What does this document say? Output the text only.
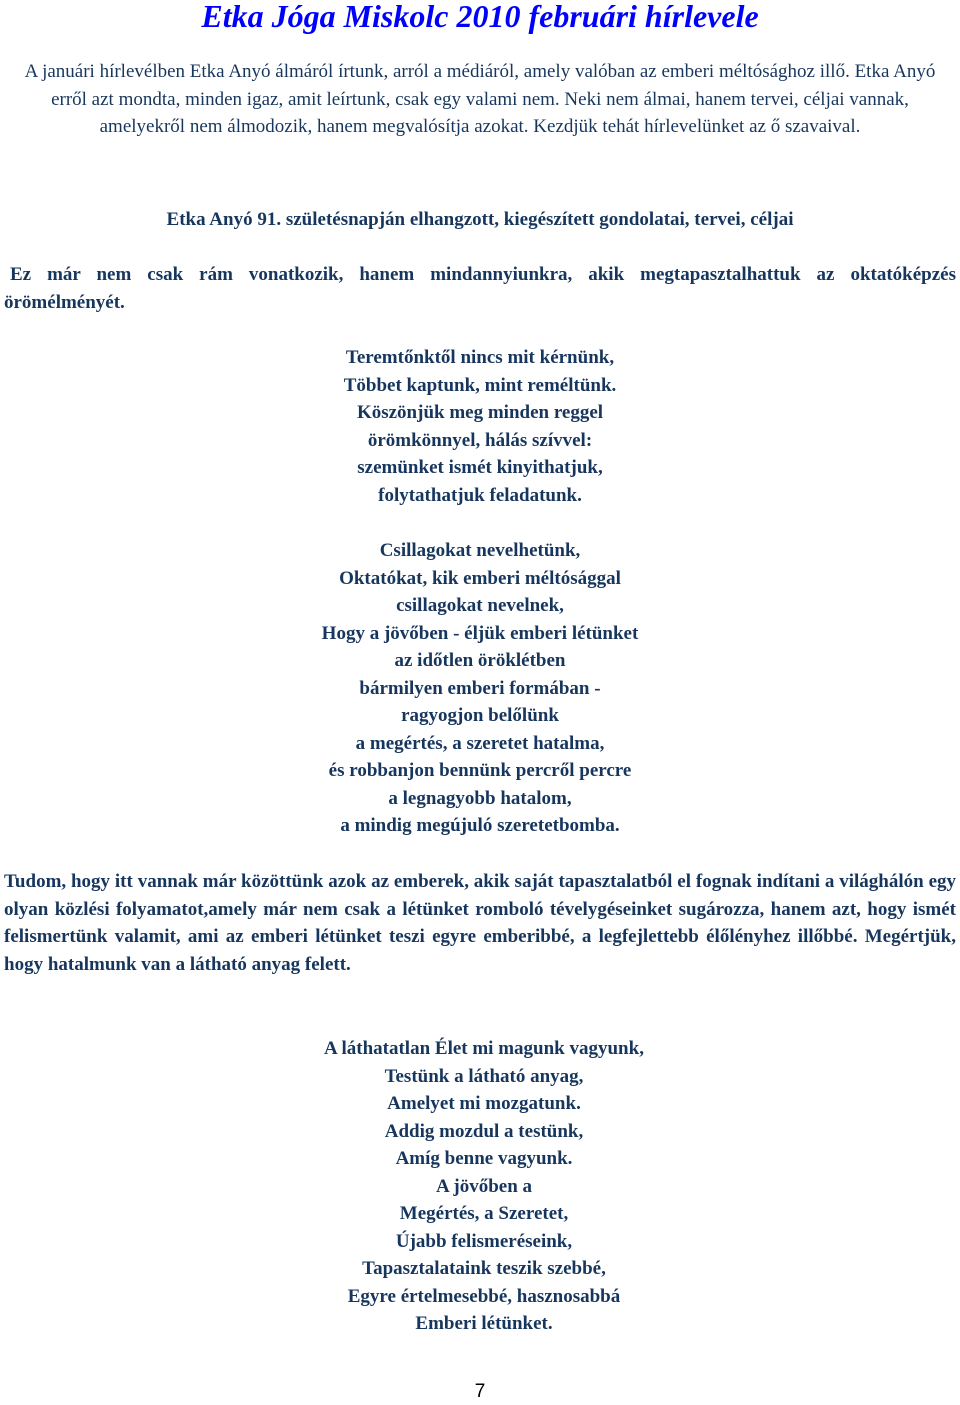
Etka Jóga Miskolc 2010 februári hírlevele

A januári hírlevélben Etka Anyó álmáról írtunk, arról a médiáról, amely valóban az emberi méltósághoz illő. Etka Anyó erről azt mondta, minden igaz, amit leírtunk, csak egy valami nem. Neki nem álmai, hanem tervei, céljai vannak, amelyekről nem álmodozik, hanem megvalósítja azokat. Kezdjük tehát hírlevelünket az ő szavaival.

Etka Anyó 91. születésnapján elhangzott, kiegészített gondolatai, tervei, céljai

Ez már nem csak rám vonatkozik, hanem mindannyiunkra, akik megtapasztalhattuk az oktatóképzés örömélményét.

Teremtőnktől nincs mit kérnünk,
Többet kaptunk, mint reméltünk.
Köszönjük meg minden reggel
örömkönnyel, hálás szívvel:
szemünket ismét kinyithatjuk,
folytathatjuk feladatunk.
Csillagokat nevelhetünk,
Oktatókat, kik emberi méltósággal
csillagokat nevelnek,
Hogy a jövőben - éljük emberi létünket
az időtlen öröklétben
bármilyen emberi formában -
ragyogjon belőlünk
a megértés, a szeretet hatalma,
és robbanjon bennünk percről percre
a legnagyobb hatalom,
a mindig megújuló szeretetbomba.

Tudom, hogy itt vannak már közöttünk azok az emberek, akik saját tapasztalatból el fognak indítani a világhálón egy olyan közlési folyamatot,amely már nem csak a létünket romboló tévelygéseinket sugározza, hanem azt, hogy ismét felismertünk valamit, ami az emberi létünket teszi egyre emberibbé, a legfejlettebb élőlényhez illőbbé. Megértjük, hogy hatalmunk van a látható anyag felett.

A láthatatlan Élet mi magunk vagyunk,
Testünk a látható anyag,
Amelyet mi mozgatunk.
Addig mozdul a testünk,
Amíg benne vagyunk.
A jövőben a
Megértés, a Szeretet,
Újabb felismeréseink,
Tapasztalataink teszik szebbé,
Egyre értelmesebbé, hasznosabbá
Emberi létünket.
7
